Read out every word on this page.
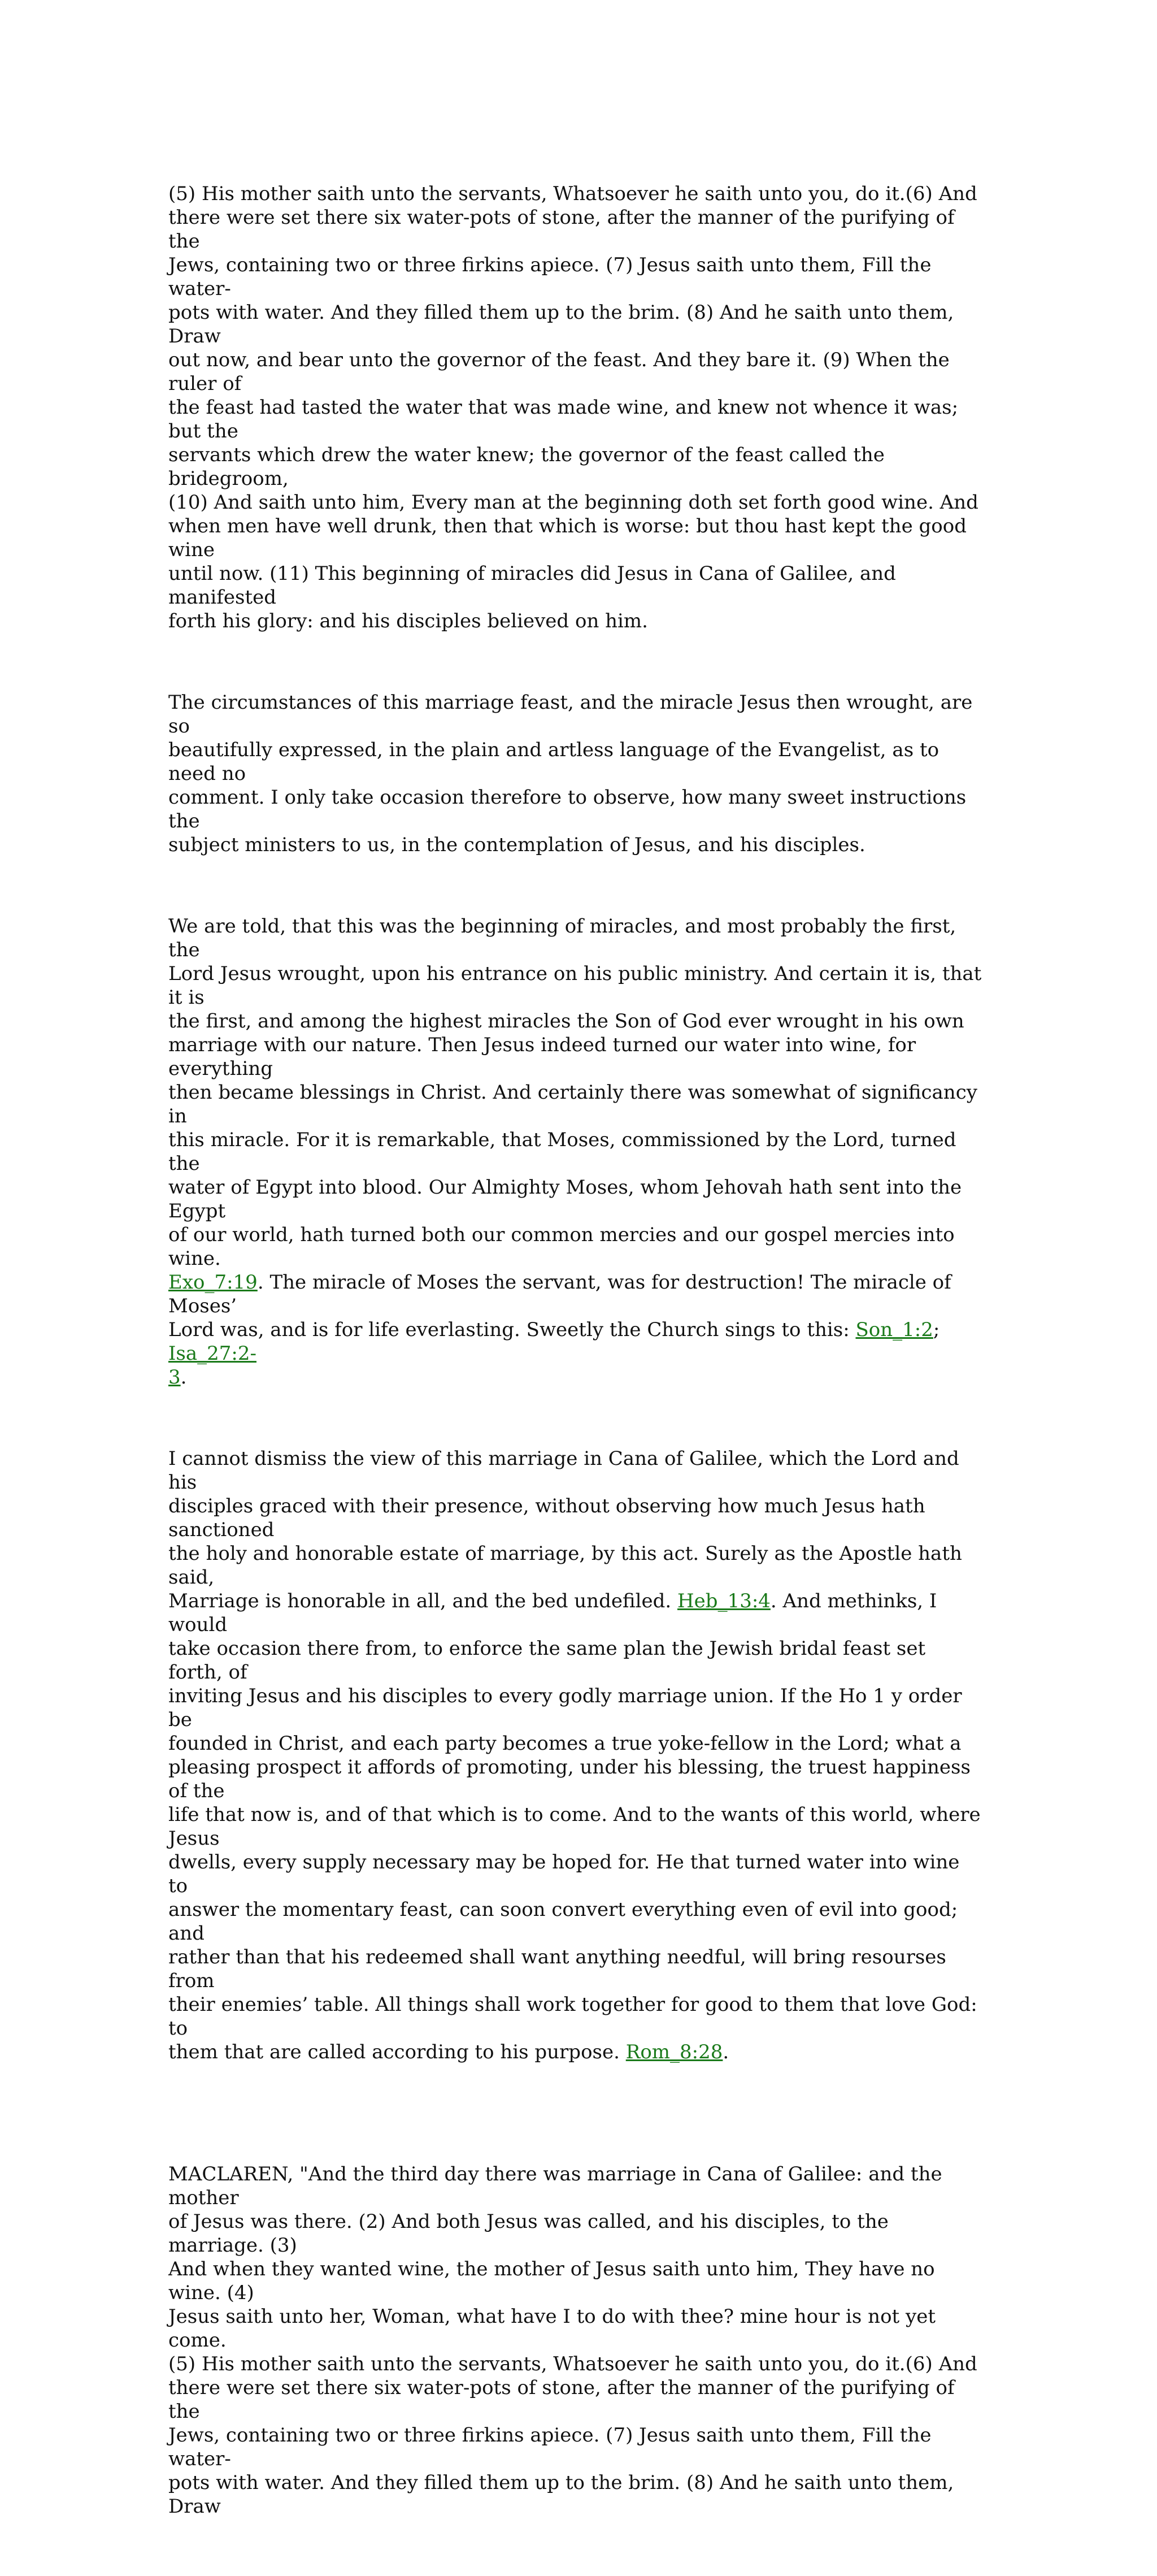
(5) His mother saith unto the servants, Whatsoever he saith unto you, do it.(6) And
there were set there six water-pots of stone, after the manner of the purifying of the
Jews, containing two or three firkins apiece. (7) Jesus saith unto them, Fill the water-
pots with water. And they filled them up to the brim. (8) And he saith unto them, Draw
out now, and bear unto the governor of the feast. And they bare it. (9) When the ruler of
the feast had tasted the water that was made wine, and knew not whence it was; but the
servants which drew the water knew; the governor of the feast called the bridegroom,
(10) And saith unto him, Every man at the beginning doth set forth good wine. And
when men have well drunk, then that which is worse: but thou hast kept the good wine
until now. (11) This beginning of miracles did Jesus in Cana of Galilee, and manifested
forth his glory: and his disciples believed on him.

The circumstances of this marriage feast, and the miracle Jesus then wrought, are so
beautifully expressed, in the plain and artless language of the Evangelist, as to need no
comment. I only take occasion therefore to observe, how many sweet instructions the
subject ministers to us, in the contemplation of Jesus, and his disciples.

We are told, that this was the beginning of miracles, and most probably the first, the
Lord Jesus wrought, upon his entrance on his public ministry. And certain it is, that it is
the first, and among the highest miracles the Son of God ever wrought in his own
marriage with our nature. Then Jesus indeed turned our water into wine, for everything
then became blessings in Christ. And certainly there was somewhat of significancy in
this miracle. For it is remarkable, that Moses, commissioned by the Lord, turned the
water of Egypt into blood. Our Almighty Moses, whom Jehovah hath sent into the Egypt
of our world, hath turned both our common mercies and our gospel mercies into wine.
Exo_7:19. The miracle of Moses the servant, was for destruction! The miracle of Moses’
Lord was, and is for life everlasting. Sweetly the Church sings to this: Son_1:2; Isa_27:2-
3.

I cannot dismiss the view of this marriage in Cana of Galilee, which the Lord and his
disciples graced with their presence, without observing how much Jesus hath sanctioned
the holy and honorable estate of marriage, by this act. Surely as the Apostle hath said,
Marriage is honorable in all, and the bed undefiled. Heb_13:4. And methinks, I would
take occasion there from, to enforce the same plan the Jewish bridal feast set forth, of
inviting Jesus and his disciples to every godly marriage union. If the Ho 1 y order be
founded in Christ, and each party becomes a true yoke-fellow in the Lord; what a
pleasing prospect it affords of promoting, under his blessing, the truest happiness of the
life that now is, and of that which is to come. And to the wants of this world, where Jesus
dwells, every supply necessary may be hoped for. He that turned water into wine to
answer the momentary feast, can soon convert everything even of evil into good; and
rather than that his redeemed shall want anything needful, will bring resourses from
their enemies’ table. All things shall work together for good to them that love God: to
them that are called according to his purpose. Rom_8:28.

MACLAREN, "And the third day there was marriage in Cana of Galilee: and the mother
of Jesus was there. (2) And both Jesus was called, and his disciples, to the marriage. (3)
And when they wanted wine, the mother of Jesus saith unto him, They have no wine. (4)
Jesus saith unto her, Woman, what have I to do with thee? mine hour is not yet come.
(5) His mother saith unto the servants, Whatsoever he saith unto you, do it.(6) And
there were set there six water-pots of stone, after the manner of the purifying of the
Jews, containing two or three firkins apiece. (7) Jesus saith unto them, Fill the water-
pots with water. And they filled them up to the brim. (8) And he saith unto them, Draw
